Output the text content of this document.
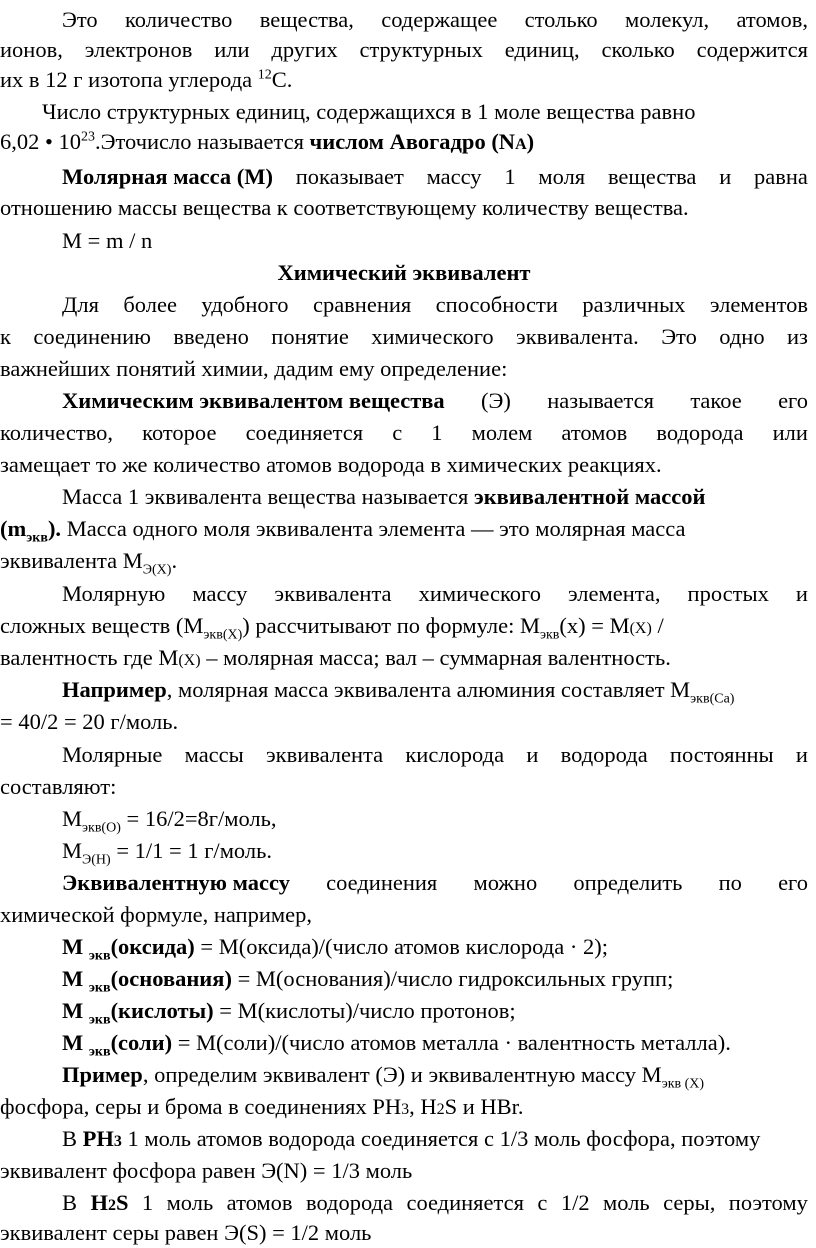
Это количество вещества, содержащее столько молекул, атомов,
ионов, электронов или других структурных единиц, сколько содержится
их в 12 г изотопа углерода $^{12}$С.
Число структурных единиц, содержащихся в 1 моле вещества равно
6,02 • $10^{23}.Эточисло$ называется числом Авогадро (NA)
Молярная масса (М) показывает массу 1 моля вещества и равна
отношению массы вещества к соответствующему количеству вещества.
М = m / n
Химический эквивалент
Для более удобного сравнения способности различных элементов
к соединению введено понятие химического эквивалента. Это одно из
важнейших понятий химии, дадим ему определение:
Химическим эквивалентом вещества (Э) называется такое его
количество, которое соединяется с 1 молем атомов водорода или
замещает то же количество атомов водорода в химических реакциях.
Масса 1 эквивалента вещества называется эквивалентной массой
$(m_{экв})$. Масса одного моля эквивалента элемента — это молярная масса
эквивалента $М_{Э(Х)}$.
Молярную массу эквивалента химического элемента, простых и
сложных веществ $(М_{экв(Х)})$ рассчитывают по формуле: $М_{экв}(x) = М(Х)$ /
валентность где М(Х) – молярная масса; вал – суммарная валентность.
Например, молярная масса эквивалента алюминия составляет $М_{экв(Са)}$
= 40/2 = 20 г/моль.
Молярные массы эквивалента кислорода и водорода постоянны и
составляют:
$М_{экв(О)}$ = 16/2=8г/моль,
$М_{Э(Н)} = 1/1 = 1$ г/моль.
Эквивалентную массу соединения можно определить по его
химической формуле, например,
М $_{экв}$(оксида) = М(оксида)/(число атомов кислорода · 2);
М $_{экв}$(основания) = М(основания)/число гидроксильных групп;
М $_{экв}$(кислоты) = М(кислоты)/число протонов;
М $_{экв}$(соли) = М(соли)/(число атомов металла · валентность металла).
Пример, определим эквивалент (Э) и эквивалентную массу $М_{экв (Х)}$
фосфора, серы и брома в соединениях PH3, H2S и HBr.
В PH3 1 моль атомов водорода соединяется с 1/3 моль фосфора, поэтому
эквивалент фосфора равен Э(N) = 1/3 моль
В H2S 1 моль атомов водорода соединяется с 1/2 моль серы, поэтому
эквивалент серы равен Э(S) = 1/2 моль
